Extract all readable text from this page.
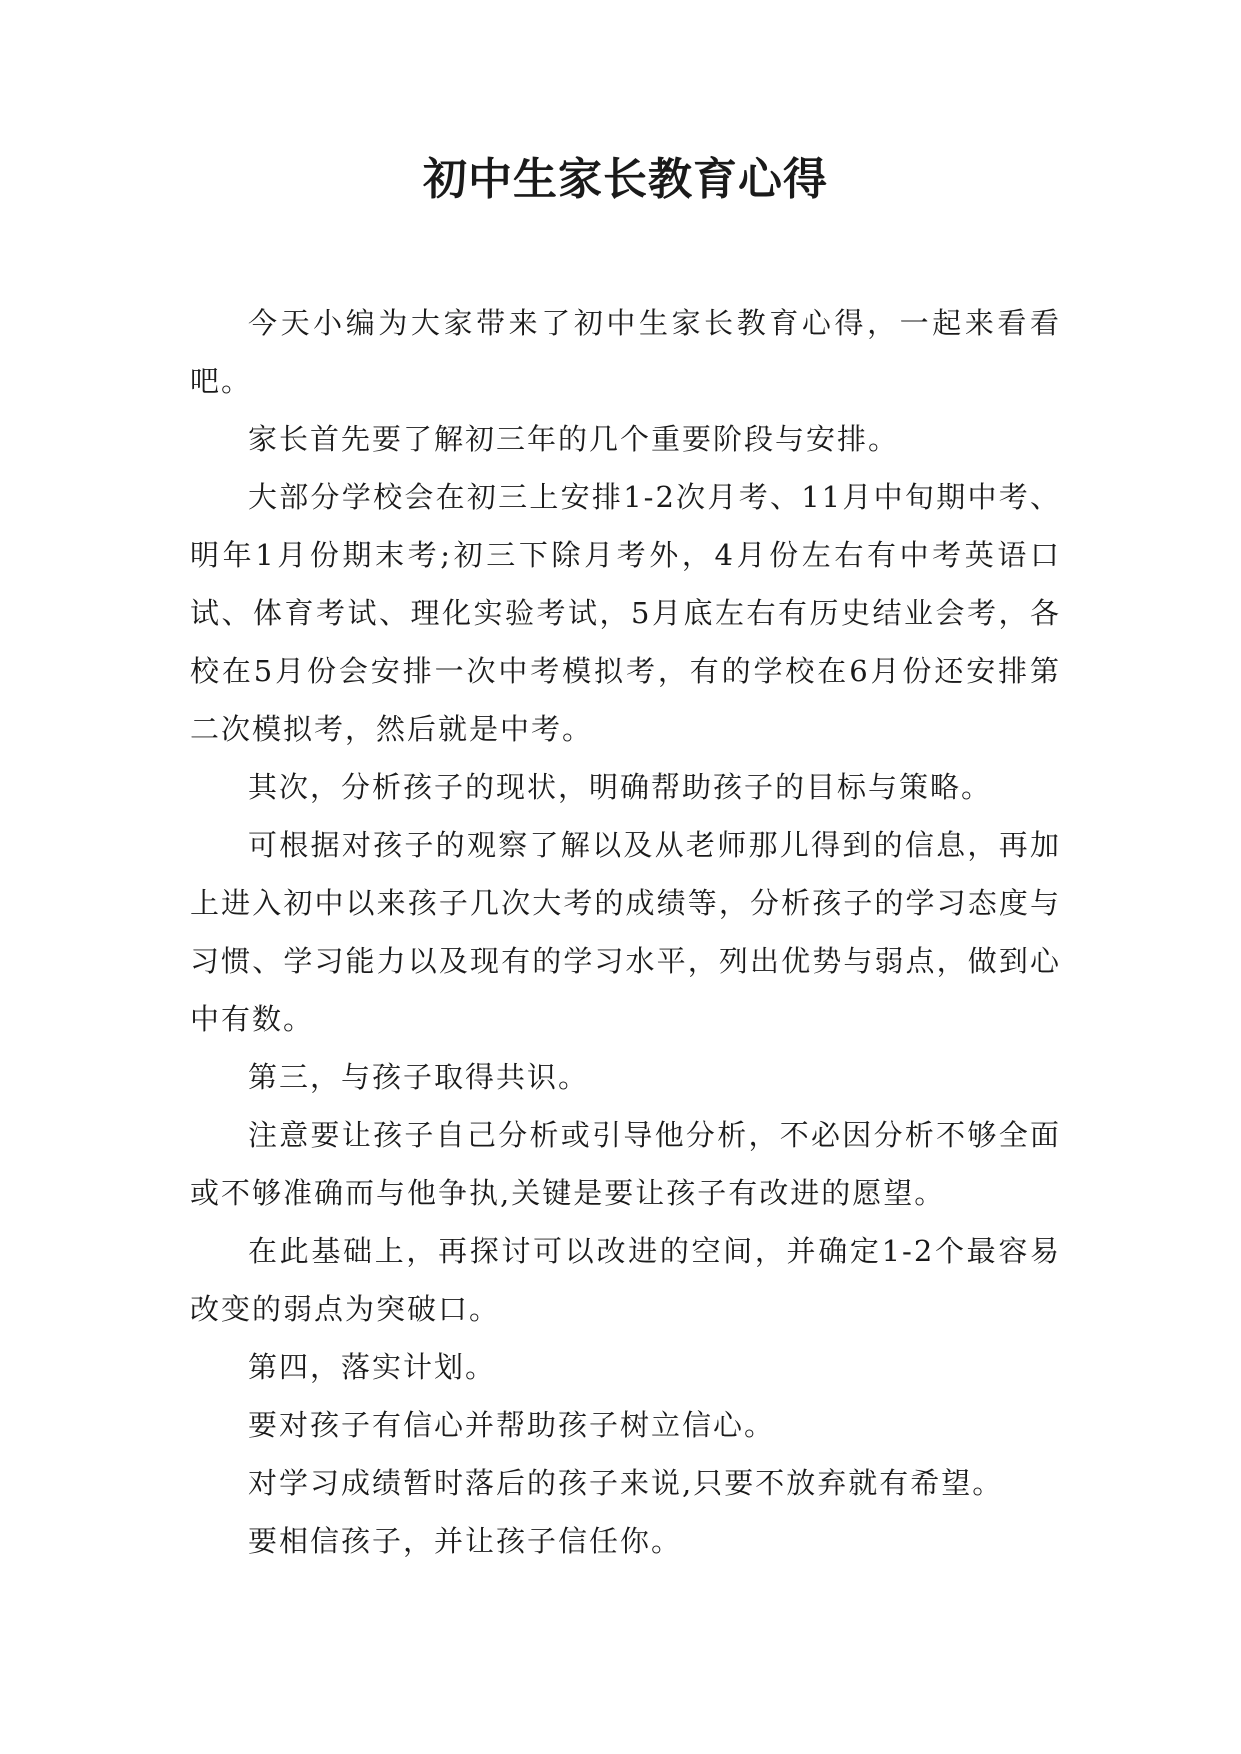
初中生家长教育心得

今天小编为大家带来了初中生家长教育心得，一起来看看吧。

家长首先要了解初三年的几个重要阶段与安排。

大部分学校会在初三上安排1-2次月考、11月中旬期中考、明年1月份期末考;初三下除月考外，4月份左右有中考英语口试、体育考试、理化实验考试，5月底左右有历史结业会考，各校在5月份会安排一次中考模拟考，有的学校在6月份还安排第二次模拟考，然后就是中考。

其次，分析孩子的现状，明确帮助孩子的目标与策略。

可根据对孩子的观察了解以及从老师那儿得到的信息，再加上进入初中以来孩子几次大考的成绩等，分析孩子的学习态度与习惯、学习能力以及现有的学习水平，列出优势与弱点，做到心中有数。

第三，与孩子取得共识。

注意要让孩子自己分析或引导他分析，不必因分析不够全面或不够准确而与他争执,关键是要让孩子有改进的愿望。

在此基础上，再探讨可以改进的空间，并确定1-2个最容易改变的弱点为突破口。

第四，落实计划。

要对孩子有信心并帮助孩子树立信心。

对学习成绩暂时落后的孩子来说,只要不放弃就有希望。

要相信孩子，并让孩子信任你。
